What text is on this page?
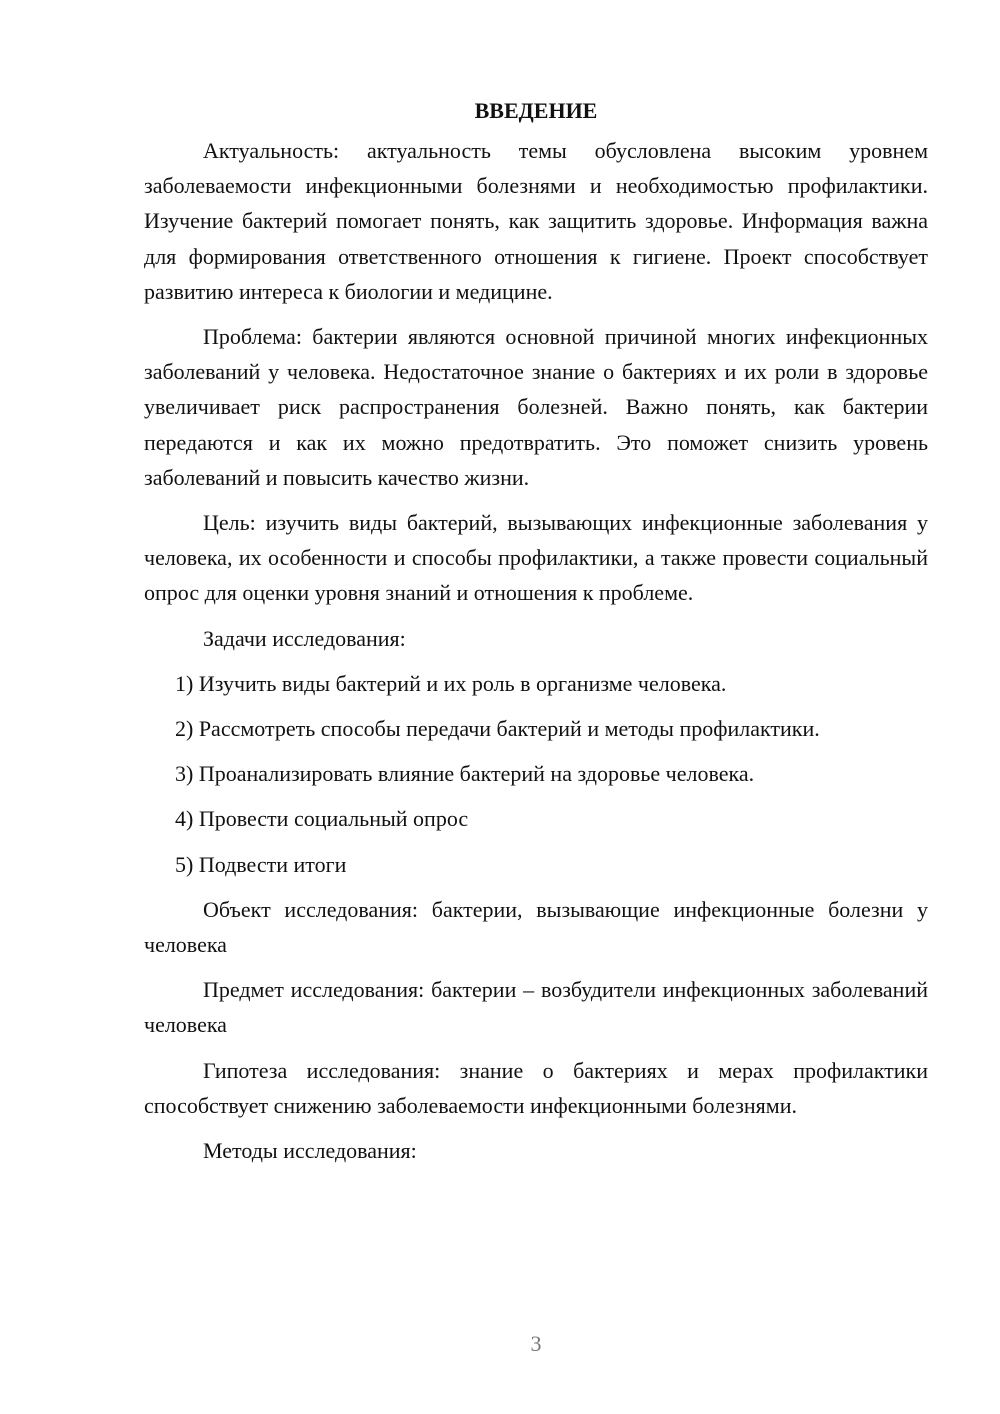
ВВЕДЕНИЕ

Актуальность: актуальность темы обусловлена высоким уровнем заболеваемости инфекционными болезнями и необходимостью профилактики. Изучение бактерий помогает понять, как защитить здоровье. Информация важна для формирования ответственного отношения к гигиене. Проект способствует развитию интереса к биологии и медицине.

Проблема: бактерии являются основной причиной многих инфекционных заболеваний у человека. Недостаточное знание о бактериях и их роли в здоровье увеличивает риск распространения болезней. Важно понять, как бактерии передаются и как их можно предотвратить. Это поможет снизить уровень заболеваний и повысить качество жизни.

Цель: изучить виды бактерий, вызывающих инфекционные заболевания у человека, их особенности и способы профилактики, а также провести социальный опрос для оценки уровня знаний и отношения к проблеме.

Задачи исследования:

1) Изучить виды бактерий и их роль в организме человека.
2) Рассмотреть способы передачи бактерий и методы профилактики.
3) Проанализировать влияние бактерий на здоровье человека.
4) Провести социальный опрос
5) Подвести итоги

Объект исследования: бактерии, вызывающие инфекционные болезни у человека

Предмет исследования: бактерии – возбудители инфекционных заболеваний человека

Гипотеза исследования: знание о бактериях и мерах профилактики способствует снижению заболеваемости инфекционными болезнями.

Методы исследования:

3
